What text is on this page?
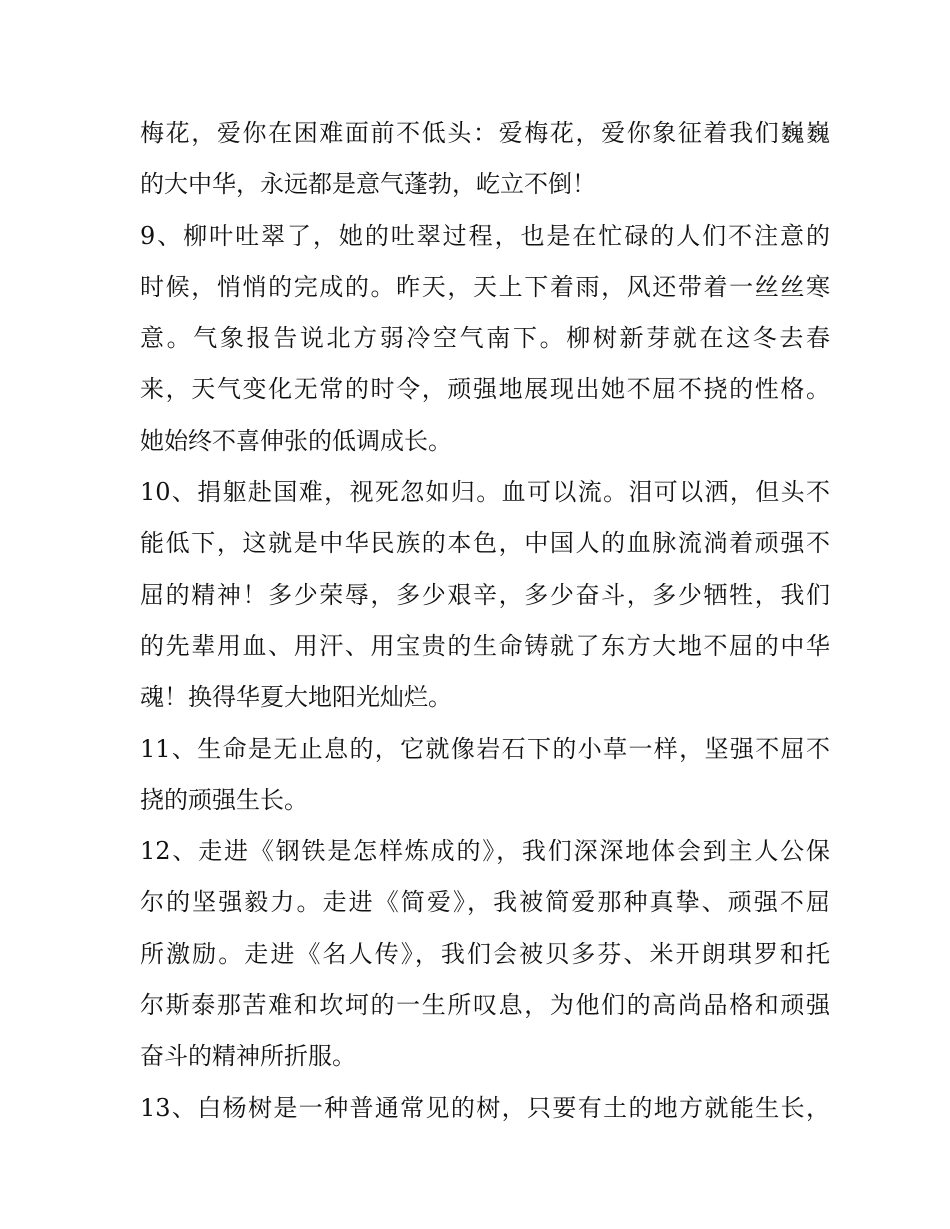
梅花，爱你在困难面前不低头：爱梅花，爱你象征着我们巍巍
的大中华，永远都是意气蓬勃，屹立不倒！
9、柳叶吐翠了，她的吐翠过程，也是在忙碌的人们不注意的
时候，悄悄的完成的。昨天，天上下着雨，风还带着一丝丝寒
意。气象报告说北方弱冷空气南下。柳树新芽就在这冬去春
来，天气变化无常的时令，顽强地展现出她不屈不挠的性格。
她始终不喜伸张的低调成长。
10、捐躯赴国难，视死忽如归。血可以流。泪可以洒，但头不
能低下，这就是中华民族的本色，中国人的血脉流淌着顽强不
屈的精神！多少荣辱，多少艰辛，多少奋斗，多少牺牲，我们
的先辈用血、用汗、用宝贵的生命铸就了东方大地不屈的中华
魂！换得华夏大地阳光灿烂。
11、生命是无止息的，它就像岩石下的小草一样，坚强不屈不
挠的顽强生长。
12、走进《钢铁是怎样炼成的》，我们深深地体会到主人公保
尔的坚强毅力。走进《简爱》，我被简爱那种真挚、顽强不屈
所激励。走进《名人传》，我们会被贝多芬、米开朗琪罗和托
尔斯泰那苦难和坎坷的一生所叹息，为他们的高尚品格和顽强
奋斗的精神所折服。
13、白杨树是一种普通常见的树，只要有土的地方就能生长，
